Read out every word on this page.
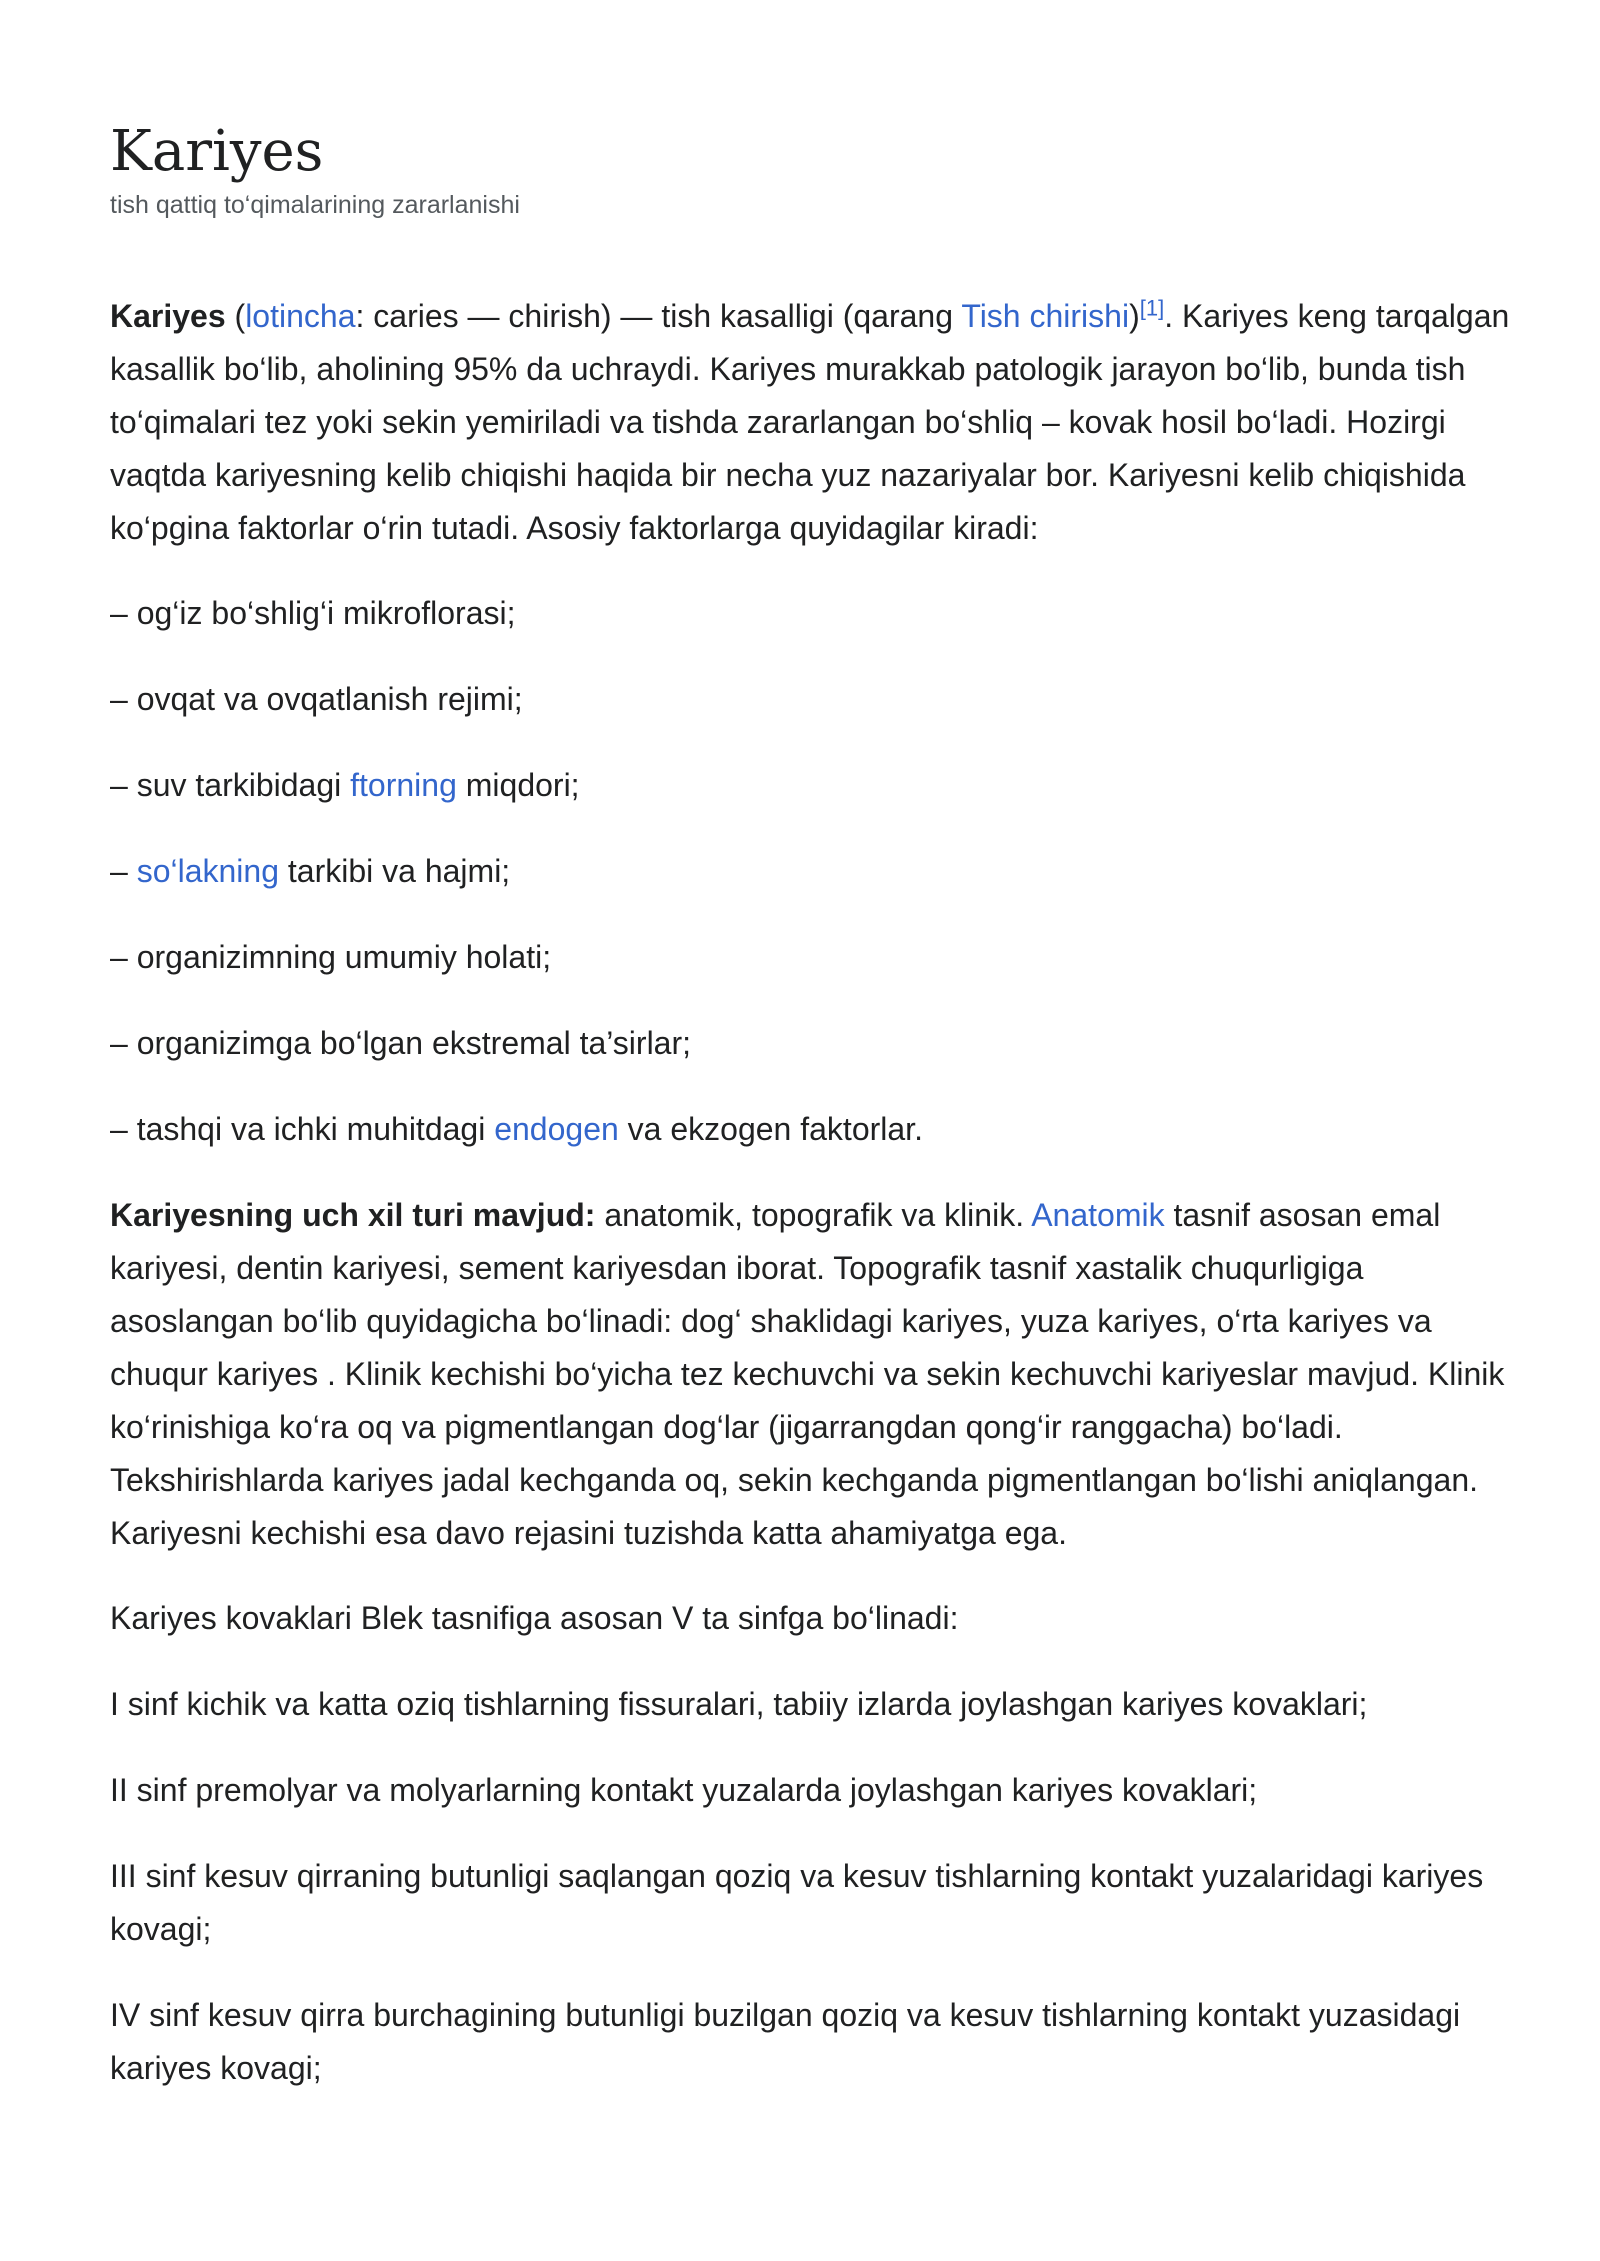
Kariyes
tish qattiq to‘qimalarining zararlanishi

Kariyes (lotincha: caries — chirish) — tish kasalligi (qarang Tish chirishi)[1]. Kariyes keng tarqalgan kasallik bo‘lib, aholining 95% da uchraydi. Kariyes murakkab patologik jarayon bo‘lib, bunda tish to‘qimalari tez yoki sekin yemiriladi va tishda zararlangan bo‘shliq – kovak hosil bo‘ladi. Hozirgi vaqtda kariyesning kelib chiqishi haqida bir necha yuz nazariyalar bor. Kariyesni kelib chiqishida ko‘pgina faktorlar o‘rin tutadi. Asosiy faktorlarga quyidagilar kiradi:

– og‘iz bo‘shlig‘i mikroflorasi;

– ovqat va ovqatlanish rejimi;

– suv tarkibidagi ftorning miqdori;

– so‘lakning tarkibi va hajmi;

– organizimning umumiy holati;

– organizimga bo‘lgan ekstremal ta’sirlar;

– tashqi va ichki muhitdagi endogen va ekzogen faktorlar.

Kariyesning uch xil turi mavjud: anatomik, topografik va klinik. Anatomik tasnif asosan emal kariyesi, dentin kariyesi, sement kariyesdan iborat. Topografik tasnif xastalik chuqurligiga asoslangan bo‘lib quyidagicha bo‘linadi: dog‘ shaklidagi kariyes, yuza kariyes, o‘rta kariyes va chuqur kariyes . Klinik kechishi bo‘yicha tez kechuvchi va sekin kechuvchi kariyeslar mavjud. Klinik ko‘rinishiga ko‘ra oq va pigmentlangan dog‘lar (jigarrangdan qong‘ir ranggacha) bo‘ladi. Tekshirishlarda kariyes jadal kechganda oq, sekin kechganda pigmentlangan bo‘lishi aniqlangan. Kariyesni kechishi esa davo rejasini tuzishda katta ahamiyatga ega.

Kariyes kovaklari Blek tasnifiga asosan V ta sinfga bo‘linadi:

I sinf kichik va katta oziq tishlarning fissuralari, tabiiy izlarda joylashgan kariyes kovaklari;

II sinf premolyar va molyarlarning kontakt yuzalarda joylashgan kariyes kovaklari;

III sinf kesuv qirraning butunligi saqlangan qoziq va kesuv tishlarning kontakt yuzalaridagi kariyes kovagi;

IV sinf kesuv qirra burchagining butunligi buzilgan qoziq va kesuv tishlarning kontakt yuzasidagi kariyes kovagi;
